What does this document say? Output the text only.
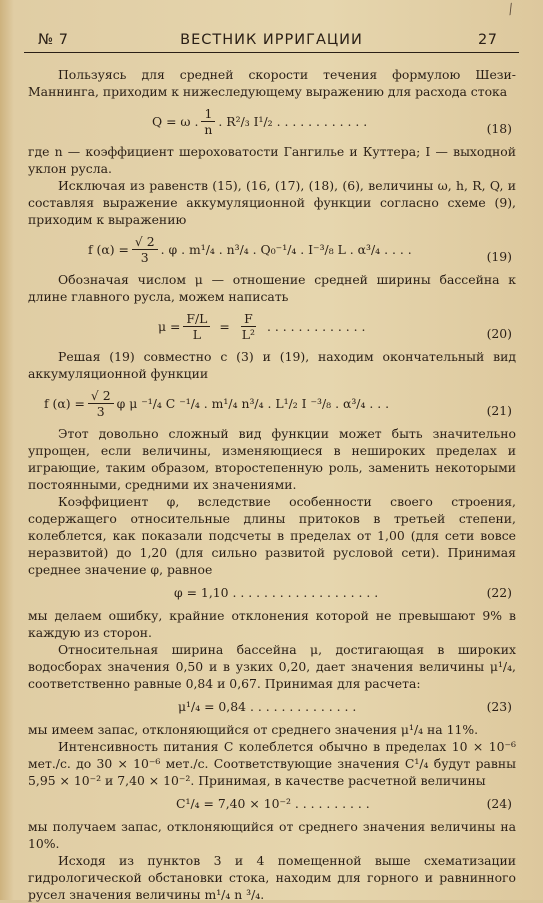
№ 7	ВЕСТНИК ИРРИГАЦИИ	27
⁄

Пользуясь для средней скорости течения формулою Шези-Маннинга, приходим к нижеследующему выражению для расхода стока

Q = ω . $\frac{1}{n}$ . R²/₃ I¹/₂ . . . . . . . . . . . .	(18)

где n — коэффициент шероховатости Гангилье и Куттера; I — выходной уклон русла.

Исключая из равенств (15), (16, (17), (18), (6), величины ω, h, R, Q, и составляя выражение аккумуляционной функции согласно схеме (9), приходим к выражению

f $(\alpha) = \frac{√ 2}{3}$ . φ . m¹/₄ . n³/₄ . Q₀⁻¹/₄ . I⁻³/₈ L . α³/₄ . . . .	(19)

Обозначая числом μ — отношение средней ширины бассейна к длине главного русла, можем написать

$\mu = \frac{F/L}{L} = \frac{F}{\text{L²}}$ . . . . . . . . . . . . .	(20)

Решая (19) совместно с (3) и (19), находим окончательный вид аккумуляционной функции

f $(\alpha) = \frac{√ 2}{3}$ φ μ ⁻¹/₄ C ⁻¹/₄ . m¹/₄ n³/₄ . L¹/₂ I ⁻³/₈ . α³/₄ . . .	(21)

Этот довольно сложный вид функции может быть значительно упрощен, если величины, изменяющиеся в нешироких пределах и играющие, таким образом, второстепенную роль, заменить некоторыми постоянными, средними их значениями.

Коэффициент φ, вследствие особенности своего строения, содержащего относительные длины притоков в третьей степени, колеблется, как показали подсчеты в пределах от 1,00 (для сети вовсе неразвитой) до 1,20 (для сильно развитой русловой сети). Принимая среднее значение φ, равное

φ = 1,10 . . . . . . . . . . . . . . . . . . .	(22)

мы делаем ошибку, крайние отклонения которой не превышают 9% в каждую из сторон.

Относительная ширина бассейна μ, достигающая в широких водосборах значения 0,50 и в узких 0,20, дает значения величины μ¹/₄, соответственно равные 0,84 и 0,67. Принимая для расчета:

μ¹/₄ = 0,84 . . . . . . . . . . . . . .	(23)

мы имеем запас, отклоняющийся от среднего значения μ¹/₄ на 11%.

Интенсивность питания C колеблется обычно в пределах 10 × 10⁻⁶ мет./с. до 30 × 10⁻⁶ мет./с. Соответствующие значения C¹/₄ будут равны 5,95 × 10⁻² и 7,40 × 10⁻². Принимая, в качестве расчетной величины

C¹/₄ = 7,40 × 10⁻² . . . . . . . . . .	(24)

мы получаем запас, отклоняющийся от среднего значения величины на 10%.

Исходя из пунктов 3 и 4 помещенной выше схематизации гидрологической обстановки стока, находим для горного и равнинного русел значения величины m¹/₄ n ³/₄.
